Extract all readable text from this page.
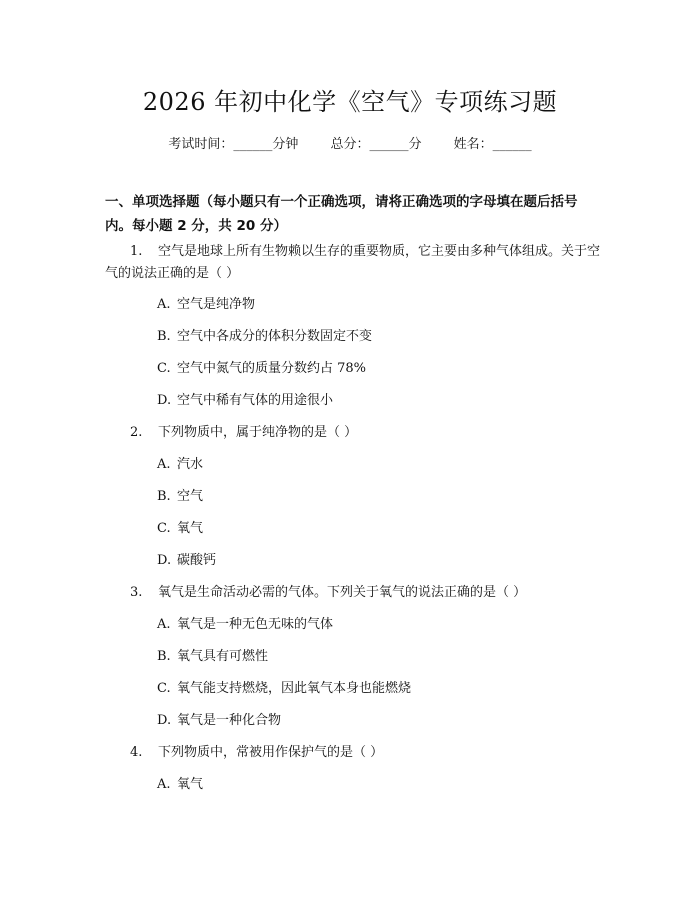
2026 年初中化学《空气》专项练习题
考试时间：______分钟 总分：______分 姓名：______
一、单项选择题（每小题只有一个正确选项，请将正确选项的字母填在题后括号内。每小题 2 分，共 20 分）
1. 空气是地球上所有生物赖以生存的重要物质，它主要由多种气体组成。关于空气的说法正确的是（ ）
A. 空气是纯净物
B. 空气中各成分的体积分数固定不变
C. 空气中氮气的质量分数约占 78%
D. 空气中稀有气体的用途很小
2. 下列物质中，属于纯净物的是（ ）
A. 汽水
B. 空气
C. 氧气
D. 碳酸钙
3. 氧气是生命活动必需的气体。下列关于氧气的说法正确的是（ ）
A. 氧气是一种无色无味的气体
B. 氧气具有可燃性
C. 氧气能支持燃烧，因此氧气本身也能燃烧
D. 氧气是一种化合物
4. 下列物质中，常被用作保护气的是（ ）
A. 氧气
